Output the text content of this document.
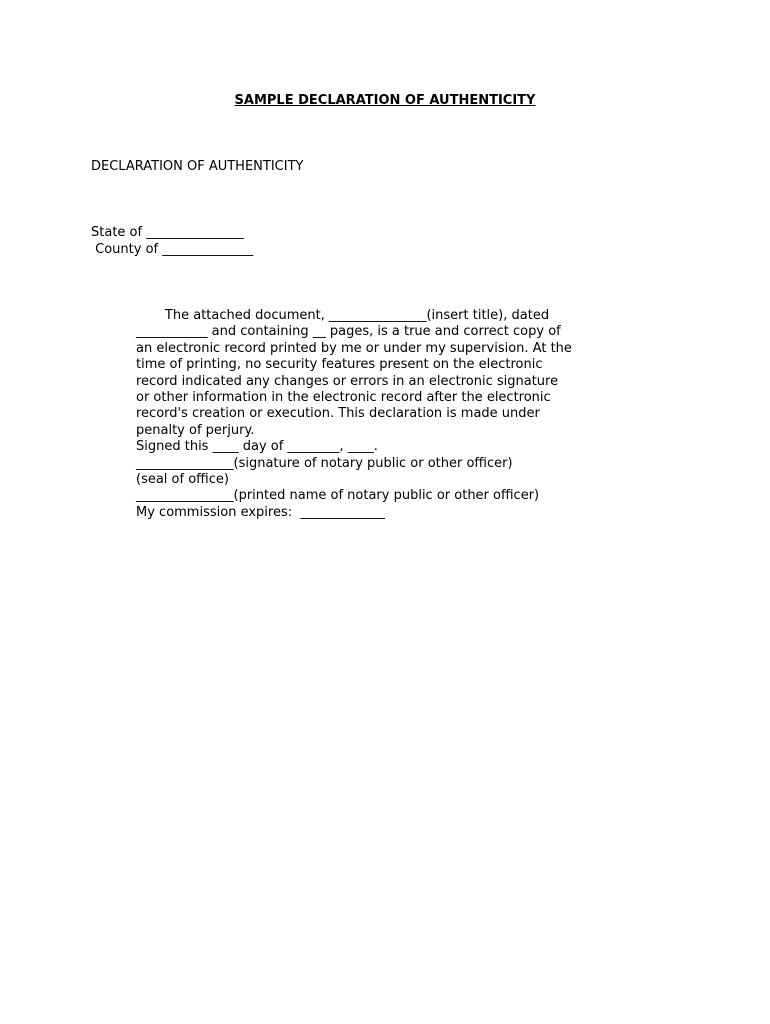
SAMPLE DECLARATION OF AUTHENTICITY
DECLARATION OF AUTHENTICITY
State of _______________
County of ______________
The attached document, _______________(insert title), dated
___________ and containing __ pages, is a true and correct copy of
an electronic record printed by me or under my supervision. At the
time of printing, no security features present on the electronic
record indicated any changes or errors in an electronic signature
or other information in the electronic record after the electronic
record's creation or execution. This declaration is made under
penalty of perjury.
Signed this ____ day of ________, ____.
_______________(signature of notary public or other officer)
(seal of office)
_______________(printed name of notary public or other officer)
My commission expires:  _____________
